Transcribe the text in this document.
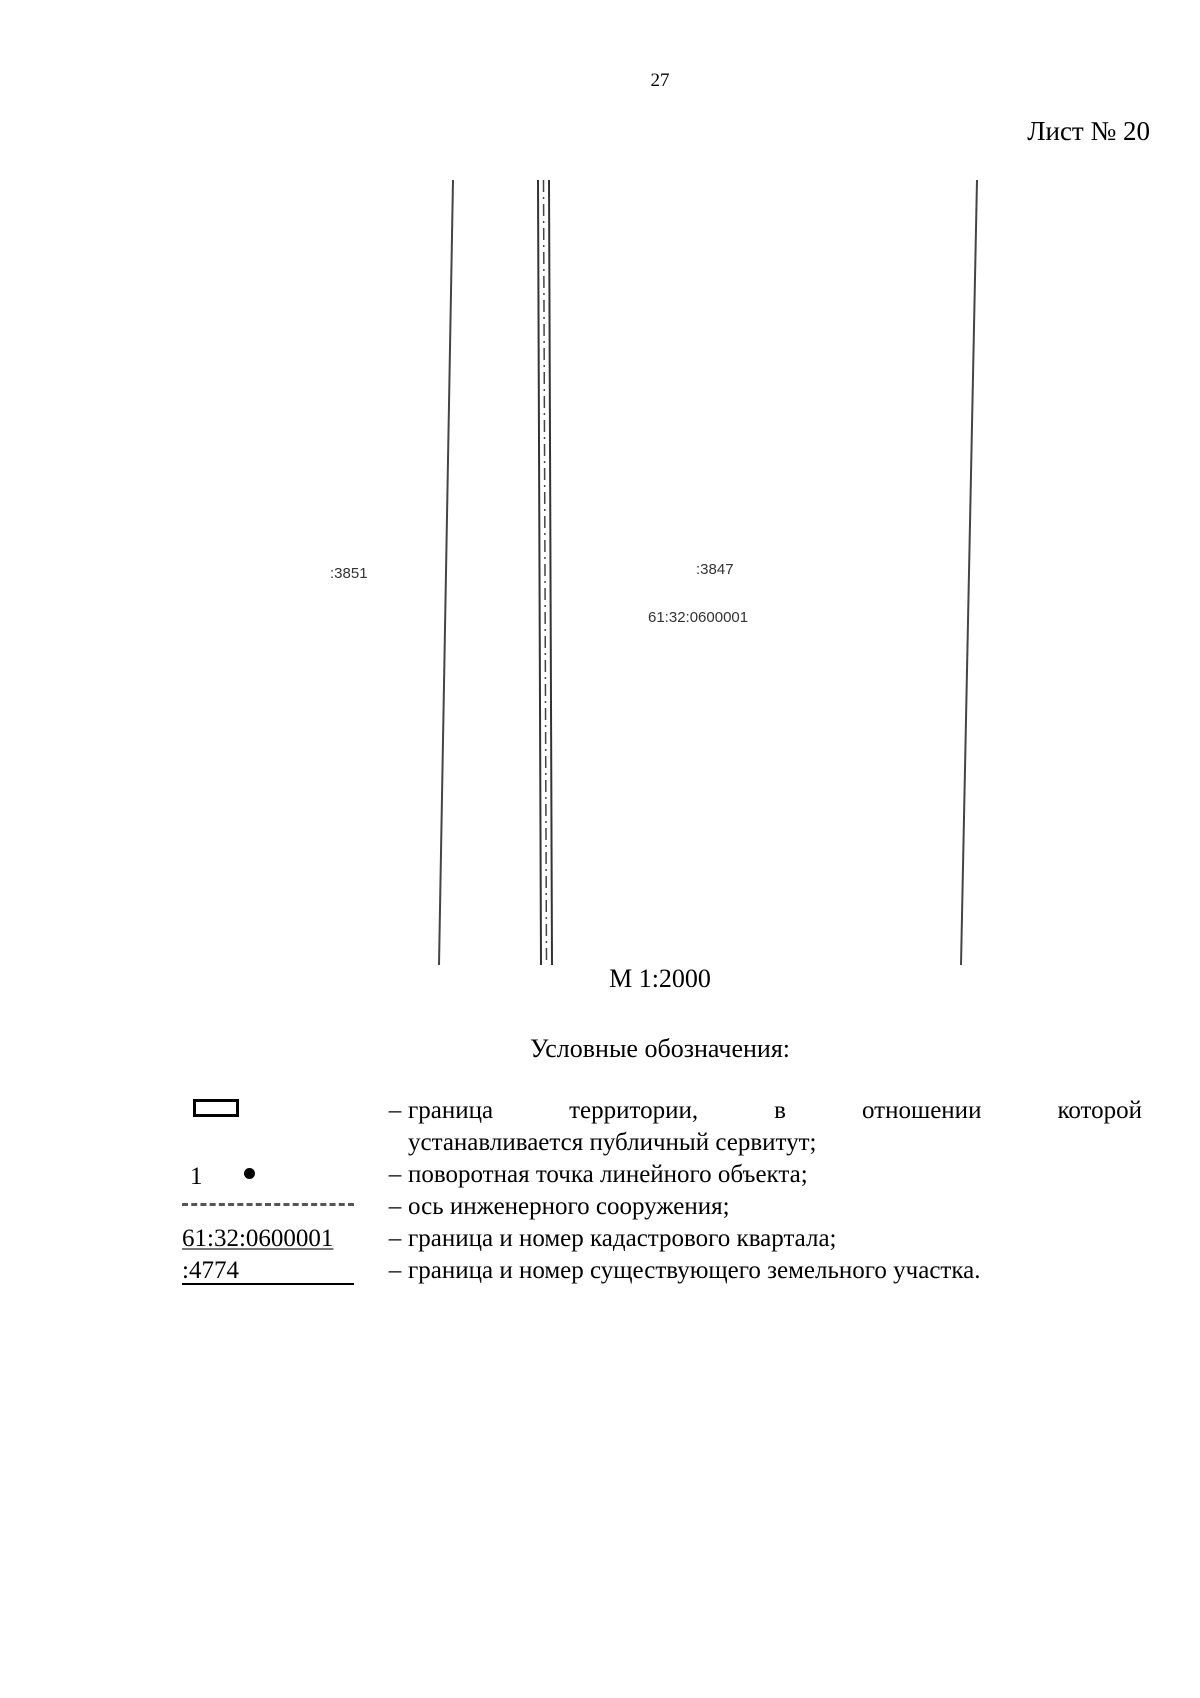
27
Лист № 20
:3851	:3847
61:32:0600001
М 1:2000
Условные обозначения:
– граница территории, в отношении которой
устанавливается публичный сервитут;
1	– поворотная точка линейного объекта;
– ось инженерного сооружения;
61:32:0600001 – граница и номер кадастрового квартала;
:4774	– граница и номер существующего земельного участка.
